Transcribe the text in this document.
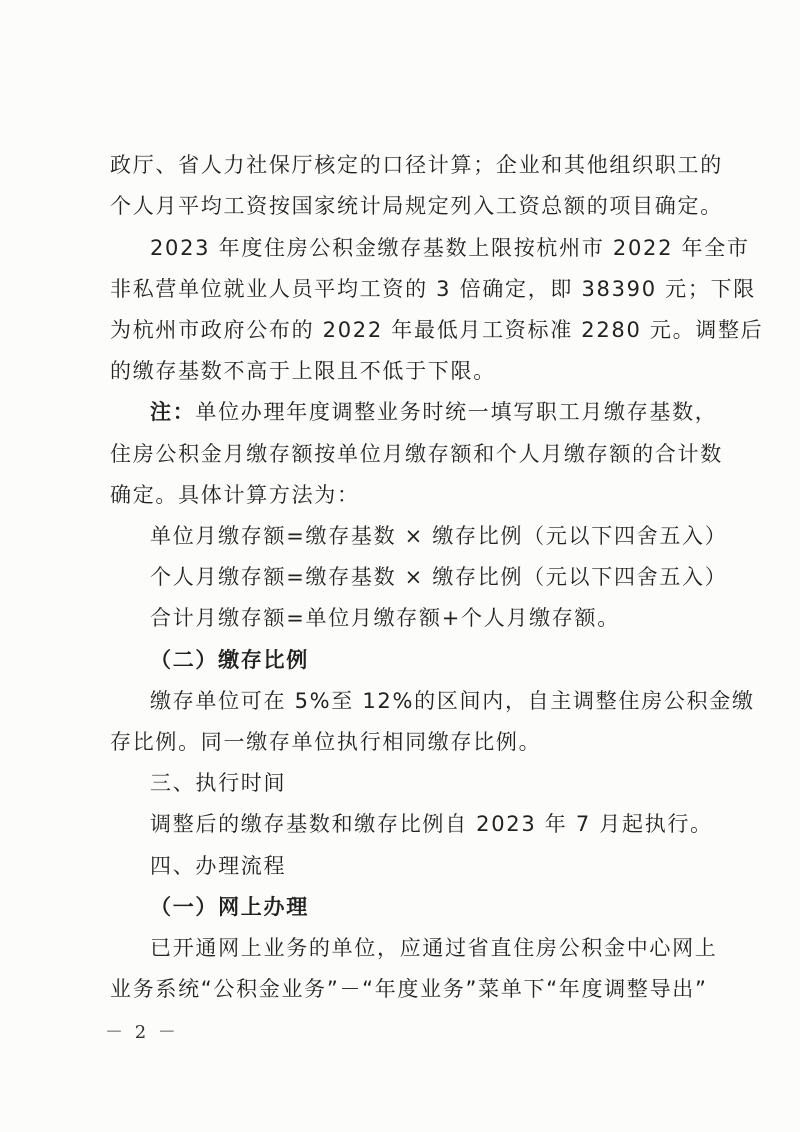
政厅、省人力社保厅核定的口径计算；企业和其他组织职工的
个人月平均工资按国家统计局规定列入工资总额的项目确定。
2023 年度住房公积金缴存基数上限按杭州市 2022 年全市
非私营单位就业人员平均工资的 3 倍确定，即 38390 元；下限
为杭州市政府公布的 2022 年最低月工资标准 2280 元。调整后
的缴存基数不高于上限且不低于下限。
注：单位办理年度调整业务时统一填写职工月缴存基数，
住房公积金月缴存额按单位月缴存额和个人月缴存额的合计数
确定。具体计算方法为：
单位月缴存额=缴存基数 × 缴存比例（元以下四舍五入）
个人月缴存额=缴存基数 × 缴存比例（元以下四舍五入）
合计月缴存额=单位月缴存额+个人月缴存额。
（二）缴存比例
缴存单位可在 5%至 12%的区间内，自主调整住房公积金缴
存比例。同一缴存单位执行相同缴存比例。
三、执行时间
调整后的缴存基数和缴存比例自 2023 年 7 月起执行。
四、办理流程
（一）网上办理
已开通网上业务的单位，应通过省直住房公积金中心网上
业务系统“公积金业务”－“年度业务”菜单下“年度调整导出”
－ 2 －
